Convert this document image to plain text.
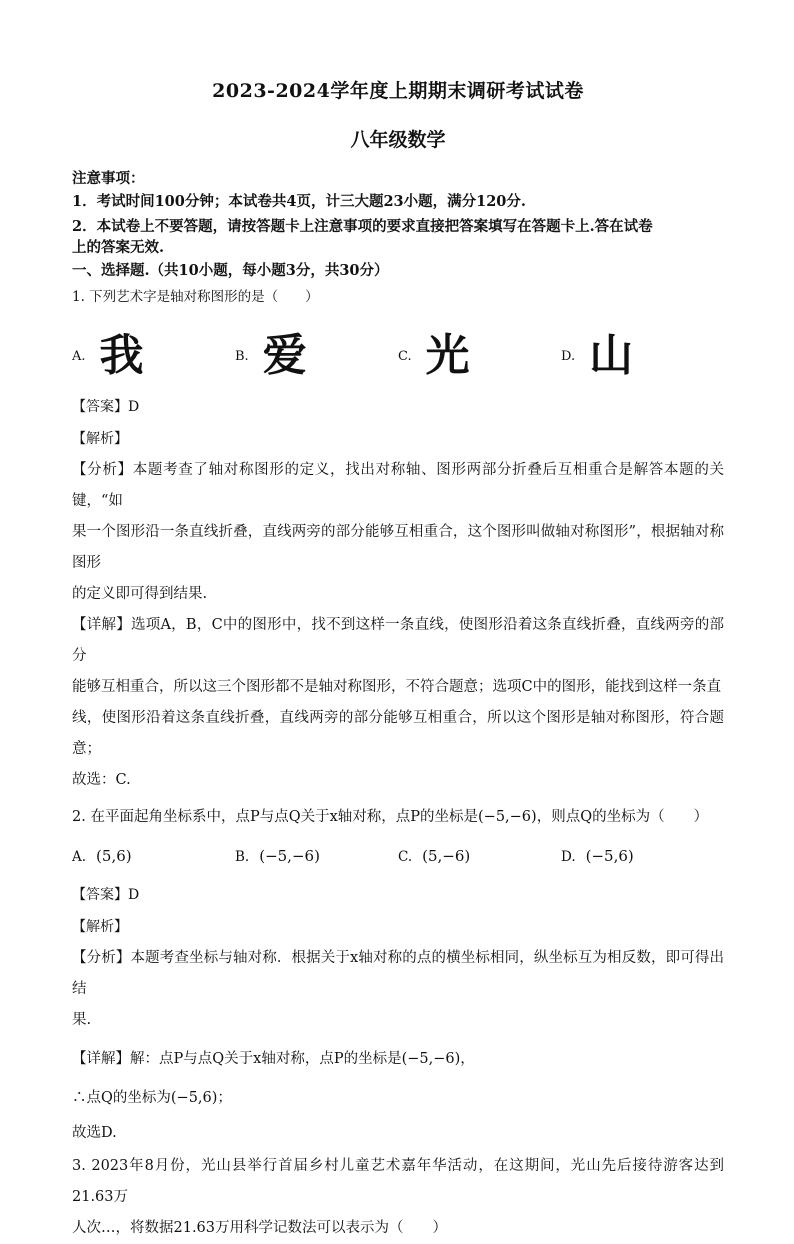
2023-2024学年度上期期末调研考试试卷
八年级数学

注意事项：

1．考试时间100分钟；本试卷共4页，计三大题23小题，满分120分.

2．本试卷上不要答题，请按答题卡上注意事项的要求直接把答案填写在答题卡上.答在试卷

上的答案无效.

一、选择题.（共10小题，每小题3分，共30分）

1. 下列艺术字是轴对称图形的是（　　）

A. 我	B. 爱	C. 光	D. 山

【答案】D

【解析】

【分析】本题考查了轴对称图形的定义，找出对称轴、图形两部分折叠后互相重合是解答本题的关键，“如

果一个图形沿一条直线折叠，直线两旁的部分能够互相重合，这个图形叫做轴对称图形”，根据轴对称图形

的定义即可得到结果.

【详解】选项A，B，C中的图形中，找不到这样一条直线，使图形沿着这条直线折叠，直线两旁的部分

能够互相重合，所以这三个图形都不是轴对称图形，不符合题意；选项C中的图形，能找到这样一条直

线，使图形沿着这条直线折叠，直线两旁的部分能够互相重合，所以这个图形是轴对称图形，符合题意；

故选：C.

2. 在平面起角坐标系中，点P与点Q关于x轴对称，点P的坐标是(−5,−6)，则点Q的坐标为（　　）

A. (5,6)	B. (−5,−6)	C. (5,−6)	D. (−5,6)

【答案】D

【解析】

【分析】本题考查坐标与轴对称．根据关于x轴对称的点的横坐标相同，纵坐标互为相反数，即可得出结

果.

【详解】解：点P与点Q关于x轴对称，点P的坐标是(−5,−6)，

∴点Q的坐标为(−5,6)；

故选D.

3. 2023年8月份，光山县举行首届乡村儿童艺术嘉年华活动，在这期间，光山先后接待游客达到21.63万

人次…，将数据21.63万用科学记数法可以表示为（　　）
